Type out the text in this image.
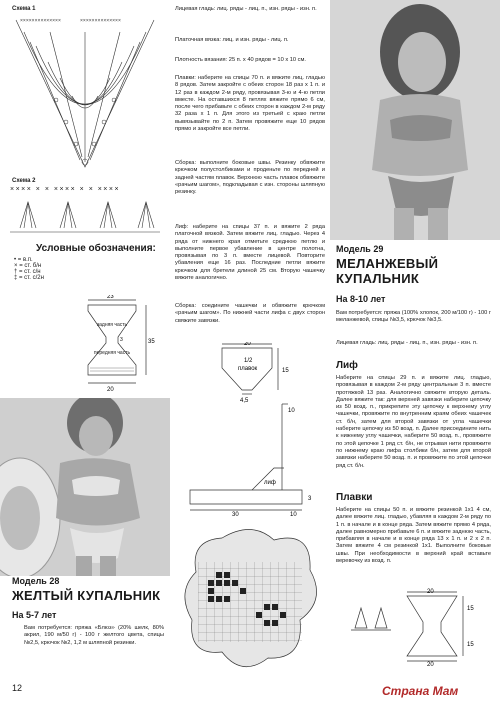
Схема 1
××××××××××××××	××××××××××××××
Схема 2
×××× × × ×××× × × ××××
Условные обозначения:
• = в.п.
× = ст. б/н
† = ст. с/н
‡ = ст. с/2н
23
35
3
20
задняя часть
передняя часть
Модель 28
ЖЕЛТЫЙ КУПАЛЬНИК
На 5-7 лет

Вам потребуется: пряжа «Блюз» (20% шелк, 80% акрил, 190 м/50 г) - 100 г желтого цвета, спицы №2,5, крючок №2, 1,2 м шляпной резинки.

12

Лицевая гладь: лиц. ряды - лиц. п., изн. ряды - изн. п.

Платочная вязка: лиц. и изн. ряды - лиц. п.

Плотность вязания: 25 п. х 40 рядов = 10 х 10 см.

Плавки: наберите на спицы 70 п. и вяжите лиц. гладью 8 рядов. Затем закройте с обеих сторон 18 раз х 1 п. и 12 раз в каждом 2-м ряду, провязывая 3-ю и 4-ю петли вместе. На оставшихся 8 петлях вяжите прямо 6 см, после чего прибавьте с обеих сторон в каждом 2-м ряду 32 раза х 1 п. Для этого из третьей с краю петли вывязывайте по 2 п. Затем провяжите еще 10 рядов прямо и закройте все петли.

Сборка: выполните боковые швы. Резинку обвяжите крючком полустолбиками и проденьте по передней и задней частям плавок. Верхнюю часть плавок обвяжите «рачьим шагом», подкладывая с изн. стороны шляпную резинку.

Лиф: наберите на спицы 37 п. и вяжите 2 ряда платочной вязкой. Затем вяжите лиц. гладью. Через 4 ряда от нижнего края отметьте среднюю петлю и выполните первое убавление в центре полотна, провязывая по 3 п. вместе лицевой. Повторите убавления еще 16 раз. Последние петли вяжите крючком для бретели длиной 25 см. Вторую чашечку вяжите аналогично.

Сборка: соедините чашечки и обвяжите крючком «рачьим шагом». По нижней части лифа с двух сторон свяжите завязки.

1/2
плавок
20
15
4,5
10
лиф
30	10
3
Модель 29
МЕЛАНЖЕВЫЙ КУПАЛЬНИК
На 8-10 лет

Вам потребуется: пряжа (100% хлопок, 200 м/100 г) - 100 г меланжевой, спицы №3,5, крючок №3,5.

Лицевая гладь: лиц. ряды - лиц. п., изн. ряды - изн. п.

Лиф

Наберите на спицы 29 п. и вяжите лиц. гладью, провязывая в каждом 2-м ряду центральные 3 п. вместе протяжкой 13 раз. Аналогично свяжите вторую деталь. Далее вяжите так: для верхней завязки наберите цепочку из 50 возд. п., прикрепите эту цепочку к верхнему углу чашечки, провяжите по внутренним краям обеих чашечек ст. б/н, затем для второй завязки от угла чашечки наберите цепочку из 50 возд. п. Далее присоедините нить к нижнему углу чашечки, наберите 50 возд. п., провяжите по этой цепочке 1 ряд ст. б/н, не отрывая нити провяжите по нижнему краю лифа столбики б/н, затем для второй завязки наберите 50 возд. п. и провяжите по этой цепочке ряд ст. б/н.

Плавки

Наберите на спицы 50 п. и вяжите резинкой 1х1 4 см, далее вяжите лиц. гладью, убавляя в каждом 2-м ряду по 1 п. в начале и в конце ряда. Затем вяжите прямо 4 ряда, далее равномерно прибавьте 6 п. и вяжите заднюю часть, прибавляя в начале и в конце ряда 13 х 1 п. и 2 х 2 п. Затем вяжите 4 см резинкой 1х1. Выполните боковые швы. При необходимости в верхний край вставьте веревочку из возд. п.

15
15
20
20
Страна Мам
